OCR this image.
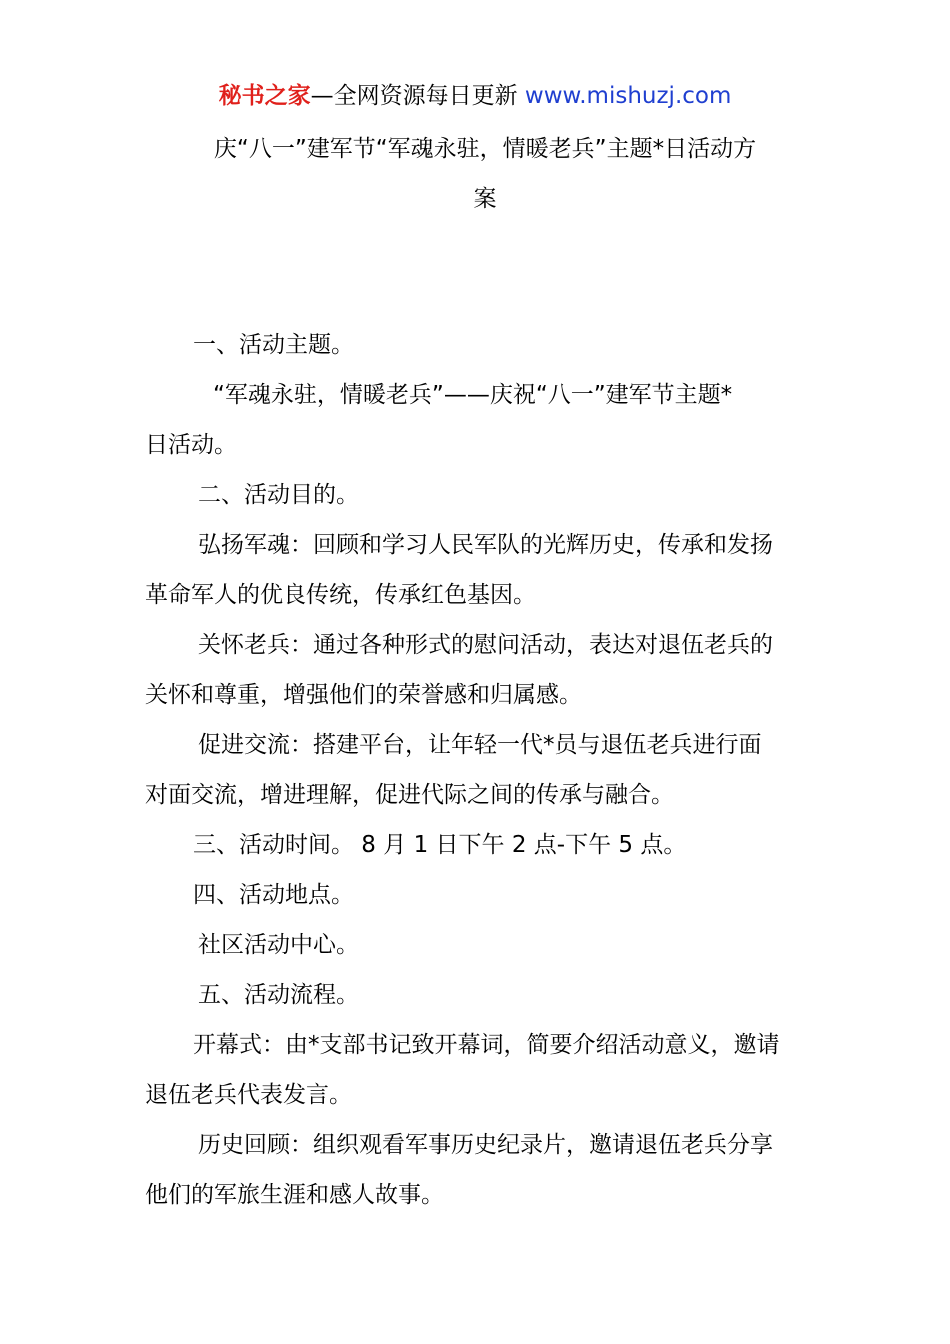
秘书之家—全网资源每日更新 www.mishuzj.com
庆“八一”建军节“军魂永驻，情暖老兵”主题*日活动方
案
一、活动主题。
“军魂永驻，情暖老兵”——庆祝“八一”建军节主题*
日活动。
二、活动目的。
弘扬军魂：回顾和学习人民军队的光辉历史，传承和发扬
革命军人的优良传统，传承红色基因。
关怀老兵：通过各种形式的慰问活动，表达对退伍老兵的
关怀和尊重，增强他们的荣誉感和归属感。
促进交流：搭建平台，让年轻一代*员与退伍老兵进行面
对面交流，增进理解，促进代际之间的传承与融合。
三、活动时间。 8 月 1 日下午 2 点-下午 5 点。
四、活动地点。
社区活动中心。
五、活动流程。
开幕式：由*支部书记致开幕词，简要介绍活动意义，邀请
退伍老兵代表发言。
历史回顾：组织观看军事历史纪录片，邀请退伍老兵分享
他们的军旅生涯和感人故事。
